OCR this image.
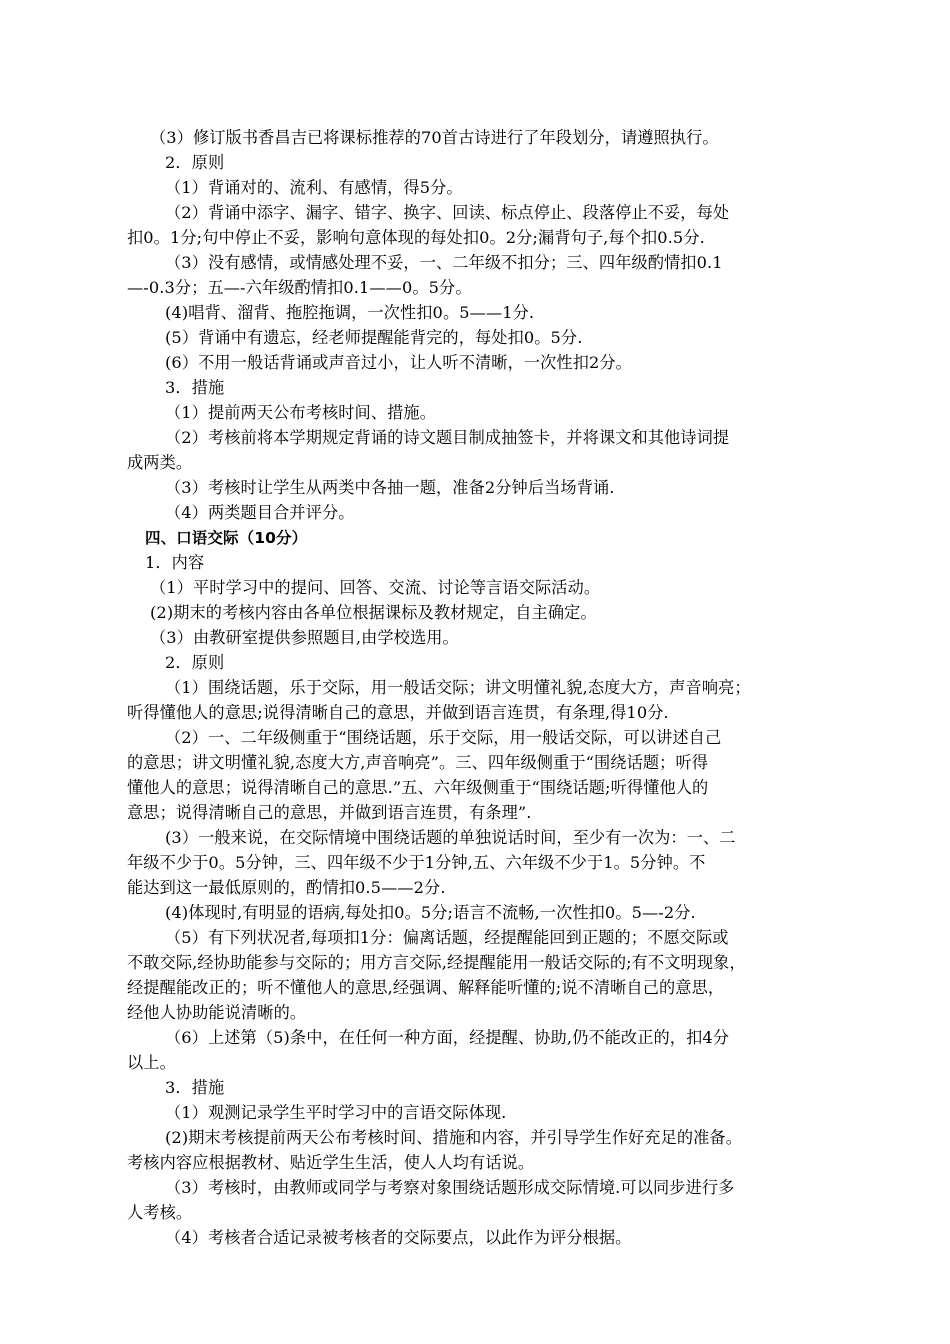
（3）修订版书香昌吉已将课标推荐的70首古诗进行了年段划分，请遵照执行。
2．原则
（1）背诵对的、流利、有感情，得5分。
（2）背诵中添字、漏字、错字、换字、回读、标点停止、段落停止不妥，每处
扣0。1分;句中停止不妥，影响句意体现的每处扣0。2分;漏背句子,每个扣0.5分.
（3）没有感情，或情感处理不妥，一、二年级不扣分；三、四年级酌情扣0.1
—-0.3分；五—-六年级酌情扣0.1——0。5分。
(4)唱背、溜背、拖腔拖调，一次性扣0。5——1分.
(5）背诵中有遗忘，经老师提醒能背完的，每处扣0。5分.
(6）不用一般话背诵或声音过小，让人听不清晰，一次性扣2分。
3．措施
（1）提前两天公布考核时间、措施。
（2）考核前将本学期规定背诵的诗文题目制成抽签卡，并将课文和其他诗词提
成两类。
（3）考核时让学生从两类中各抽一题，准备2分钟后当场背诵.
（4）两类题目合并评分。
四、口语交际（10分）
1．内容
（1）平时学习中的提问、回答、交流、讨论等言语交际活动。
(2)期末的考核内容由各单位根据课标及教材规定，自主确定。
（3）由教研室提供参照题目,由学校选用。
2．原则
（1）围绕话题，乐于交际，用一般话交际；讲文明懂礼貌,态度大方，声音响亮；
听得懂他人的意思;说得清晰自己的意思，并做到语言连贯，有条理,得10分.
（2）一、二年级侧重于“围绕话题，乐于交际，用一般话交际，可以讲述自己
的意思；讲文明懂礼貌,态度大方,声音响亮”。三、四年级侧重于“围绕话题；听得
懂他人的意思；说得清晰自己的意思.”五、六年级侧重于“围绕话题;听得懂他人的
意思；说得清晰自己的意思，并做到语言连贯，有条理”.
(3）一般来说，在交际情境中围绕话题的单独说话时间，至少有一次为：一、二
年级不少于0。5分钟，三、四年级不少于1分钟,五、六年级不少于1。5分钟。不
能达到这一最低原则的，酌情扣0.5——2分.
(4)体现时,有明显的语病,每处扣0。5分;语言不流畅,一次性扣0。5—-2分.
（5）有下列状况者,每项扣1分：偏离话题，经提醒能回到正题的；不愿交际或
不敢交际,经协助能参与交际的；用方言交际,经提醒能用一般话交际的;有不文明现象，
经提醒能改正的；听不懂他人的意思,经强调、解释能听懂的;说不清晰自己的意思，
经他人协助能说清晰的。
（6）上述第（5)条中，在任何一种方面，经提醒、协助,仍不能改正的，扣4分
以上。
3．措施
（1）观测记录学生平时学习中的言语交际体现.
(2)期末考核提前两天公布考核时间、措施和内容，并引导学生作好充足的准备。
考核内容应根据教材、贴近学生生活，使人人均有话说。
（3）考核时，由教师或同学与考察对象围绕话题形成交际情境.可以同步进行多
人考核。
（4）考核者合适记录被考核者的交际要点，以此作为评分根据。
